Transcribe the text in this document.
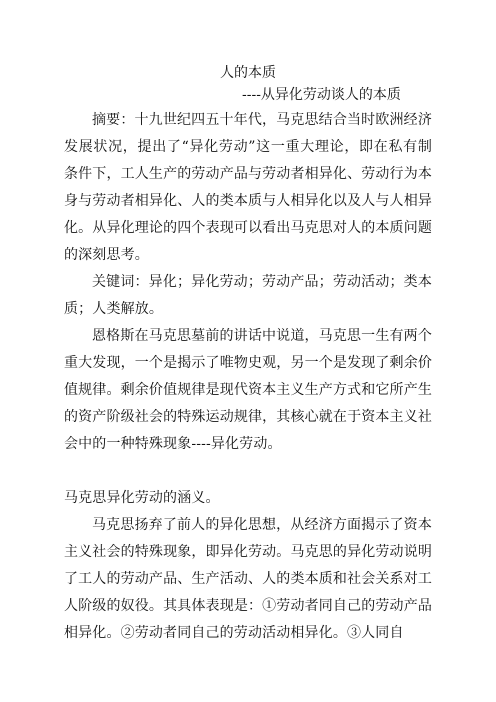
人的本质
----从异化劳动谈人的本质

摘要：十九世纪四五十年代，马克思结合当时欧洲经济发展状况，提出了“异化劳动”这一重大理论，即在私有制条件下，工人生产的劳动产品与劳动者相异化、劳动行为本身与劳动者相异化、人的类本质与人相异化以及人与人相异化。从异化理论的四个表现可以看出马克思对人的本质问题的深刻思考。

关键词：异化；异化劳动；劳动产品；劳动活动；类本质；人类解放。

恩格斯在马克思墓前的讲话中说道，马克思一生有两个重大发现，一个是揭示了唯物史观，另一个是发现了剩余价值规律。剩余价值规律是现代资本主义生产方式和它所产生的资产阶级社会的特殊运动规律，其核心就在于资本主义社会中的一种特殊现象----异化劳动。

马克思异化劳动的涵义。

马克思扬弃了前人的异化思想，从经济方面揭示了资本主义社会的特殊现象，即异化劳动。马克思的异化劳动说明了工人的劳动产品、生产活动、人的类本质和社会关系对工人阶级的奴役。其具体表现是：①劳动者同自己的劳动产品相异化。②劳动者同自己的劳动活动相异化。③人同自
